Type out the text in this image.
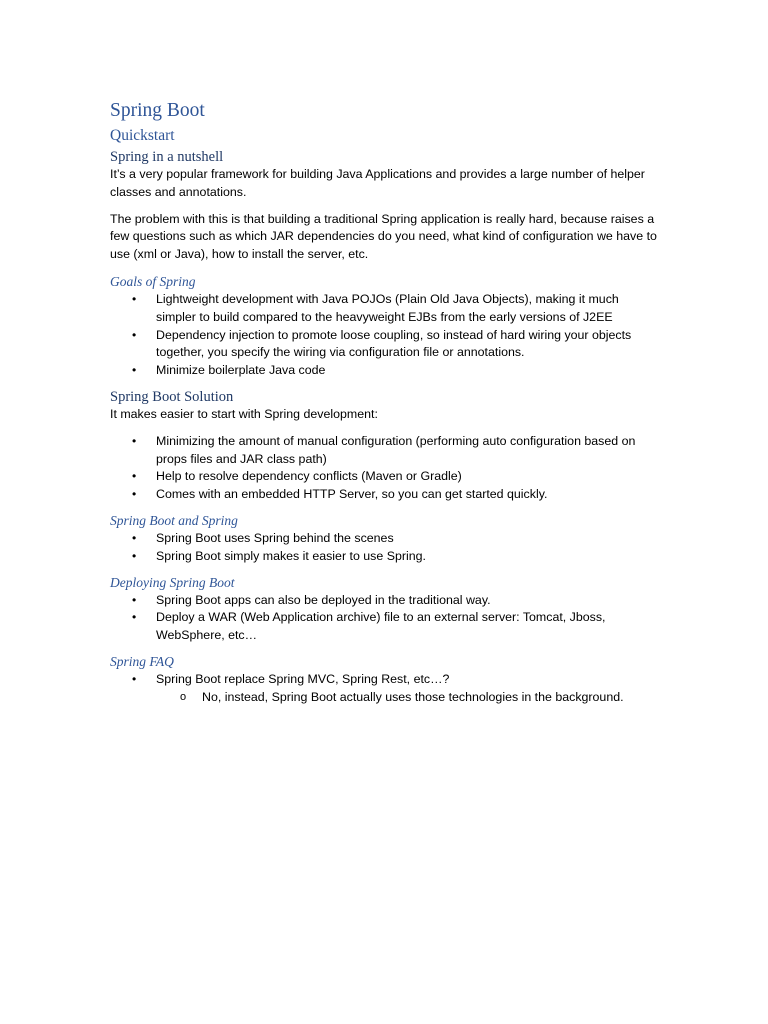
Spring Boot
Quickstart
Spring in a nutshell

It’s a very popular framework for building Java Applications and provides a large number of helper classes and annotations.

The problem with this is that building a traditional Spring application is really hard, because raises a few questions such as which JAR dependencies do you need, what kind of configuration we have to use (xml or Java), how to install the server, etc.

Goals of Spring
• Lightweight development with Java POJOs (Plain Old Java Objects), making it much simpler to build compared to the heavyweight EJBs from the early versions of J2EE
• Dependency injection to promote loose coupling, so instead of hard wiring your objects together, you specify the wiring via configuration file or annotations.
• Minimize boilerplate Java code
Spring Boot Solution

It makes easier to start with Spring development:

• Minimizing the amount of manual configuration (performing auto configuration based on props files and JAR class path)
• Help to resolve dependency conflicts (Maven or Gradle)
• Comes with an embedded HTTP Server, so you can get started quickly.
Spring Boot and Spring
• Spring Boot uses Spring behind the scenes
• Spring Boot simply makes it easier to use Spring.
Deploying Spring Boot
• Spring Boot apps can also be deployed in the traditional way.
• Deploy a WAR (Web Application archive) file to an external server: Tomcat, Jboss, WebSphere, etc…
Spring FAQ
• Spring Boot replace Spring MVC, Spring Rest, etc…?
o No, instead, Spring Boot actually uses those technologies in the background.
